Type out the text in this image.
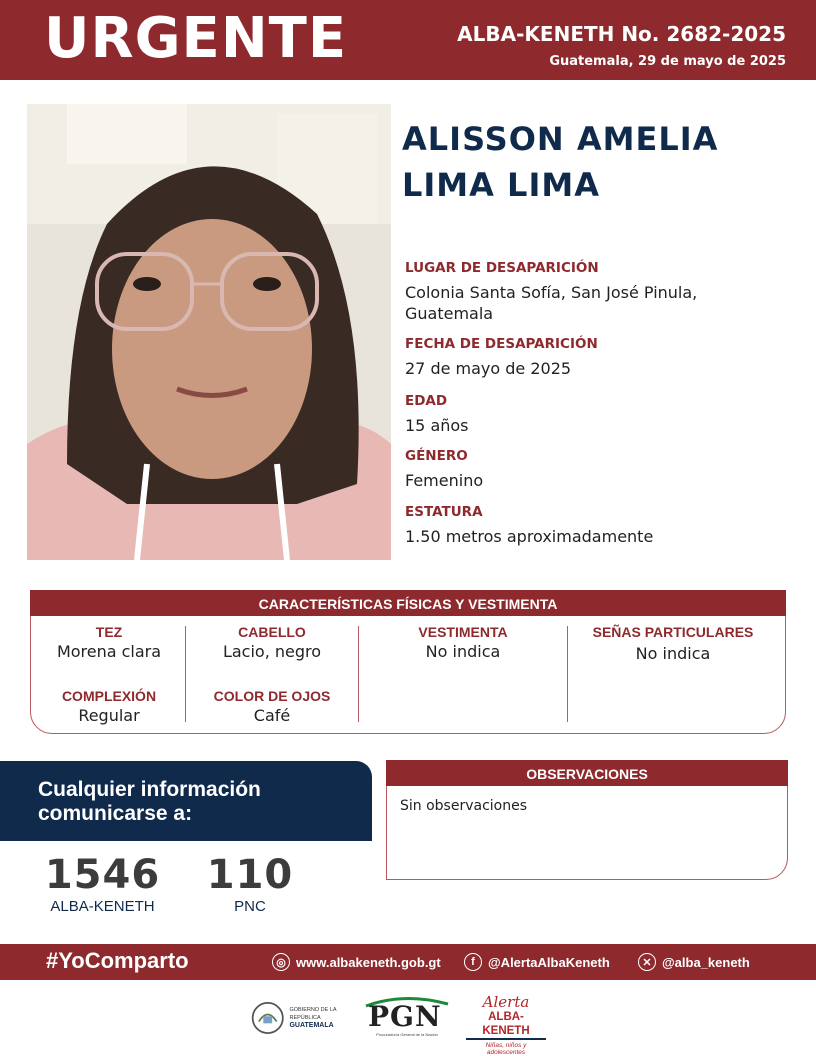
URGENTE	ALBA-KENETH No. 2682-2025
Guatemala, 29 de mayo de 2025
ALISSON AMELIA
LIMA LIMA
LUGAR DE DESAPARICIÓN
Colonia Santa Sofía, San José Pinula,
Guatemala
FECHA DE DESAPARICIÓN
27 de mayo de 2025
EDAD
15 años
GÉNERO
Femenino
ESTATURA
1.50 metros aproximadamente
CARACTERÍSTICAS FÍSICAS Y VESTIMENTA
TEZ
Morena clara
COMPLEXIÓN
Regular
CABELLO
Lacio, negro
COLOR DE OJOS
Café
VESTIMENTA
No indica
SEÑAS PARTICULARES
No indica
Cualquier información
comunicarse a:
1546
ALBA-KENETH
110
PNC
OBSERVACIONES
Sin observaciones
#YoComparto	◎ www.albakeneth.gob.gt	f	@AlertaAlbaKeneth	✕ @alba_keneth
GOBIERNO DE LA REPÚBLICA
GUATEMALA	PGN
Procuraduría General de la Nación
Alerta
ALBA-KENETH
Niñas, niños y adolescentes
